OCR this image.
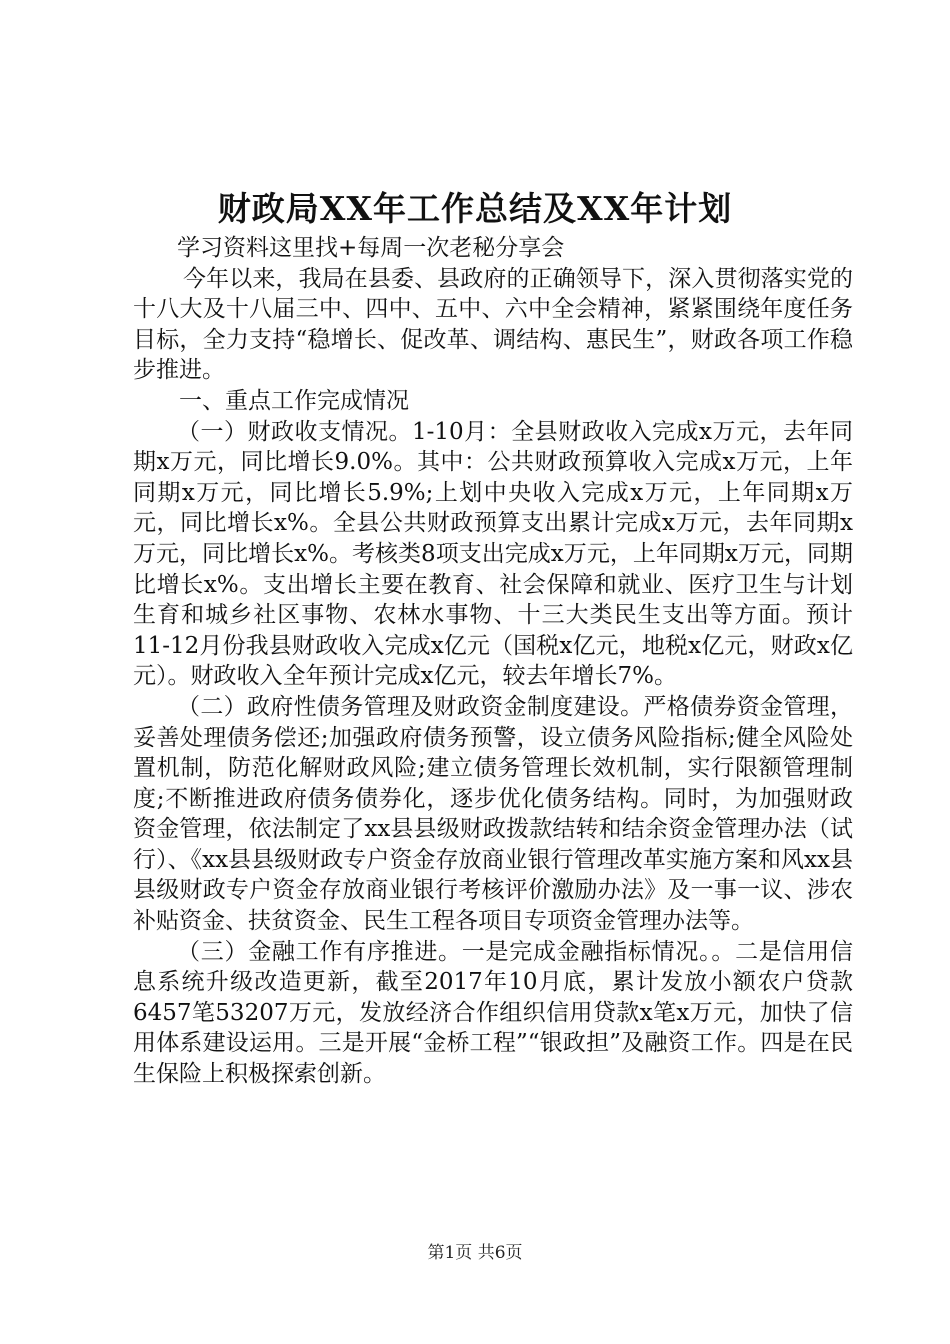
财政局XX年工作总结及XX年计划

学习资料这里找+每周一次老秘分享会

今年以来，我局在县委、县政府的正确领导下，深入贯彻落实党的十八大及十八届三中、四中、五中、六中全会精神，紧紧围绕年度任务目标，全力支持“稳增长、促改革、调结构、惠民生”，财政各项工作稳步推进。

一、重点工作完成情况

（一）财政收支情况。1-10月：全县财政收入完成x万元，去年同期x万元，同比增长9.0%。其中：公共财政预算收入完成x万元，上年同期x万元，同比增长5.9%;上划中央收入完成x万元，上年同期x万元，同比增长x%。全县公共财政预算支出累计完成x万元，去年同期x万元，同比增长x%。考核类8项支出完成x万元，上年同期x万元，同期比增长x%。支出增长主要在教育、社会保障和就业、医疗卫生与计划生育和城乡社区事物、农林水事物、十三大类民生支出等方面。预计11-12月份我县财政收入完成x亿元（国税x亿元，地税x亿元，财政x亿元）。财政收入全年预计完成x亿元，较去年增长7%。

（二）政府性债务管理及财政资金制度建设。严格债券资金管理，妥善处理债务偿还;加强政府债务预警，设立债务风险指标;健全风险处置机制，防范化解财政风险;建立债务管理长效机制，实行限额管理制度;不断推进政府债务债券化，逐步优化债务结构。同时，为加强财政资金管理，依法制定了xx县县级财政拨款结转和结余资金管理办法（试行）、《xx县县级财政专户资金存放商业银行管理改革实施方案和风xx县县级财政专户资金存放商业银行考核评价激励办法》及一事一议、涉农补贴资金、扶贫资金、民生工程各项目专项资金管理办法等。

（三）金融工作有序推进。一是完成金融指标情况。。二是信用信息系统升级改造更新，截至2017年10月底，累计发放小额农户贷款6457笔53207万元，发放经济合作组织信用贷款x笔x万元，加快了信用体系建设运用。三是开展“金桥工程”“银政担”及融资工作。四是在民生保险上积极探索创新。

第1页 共6页
